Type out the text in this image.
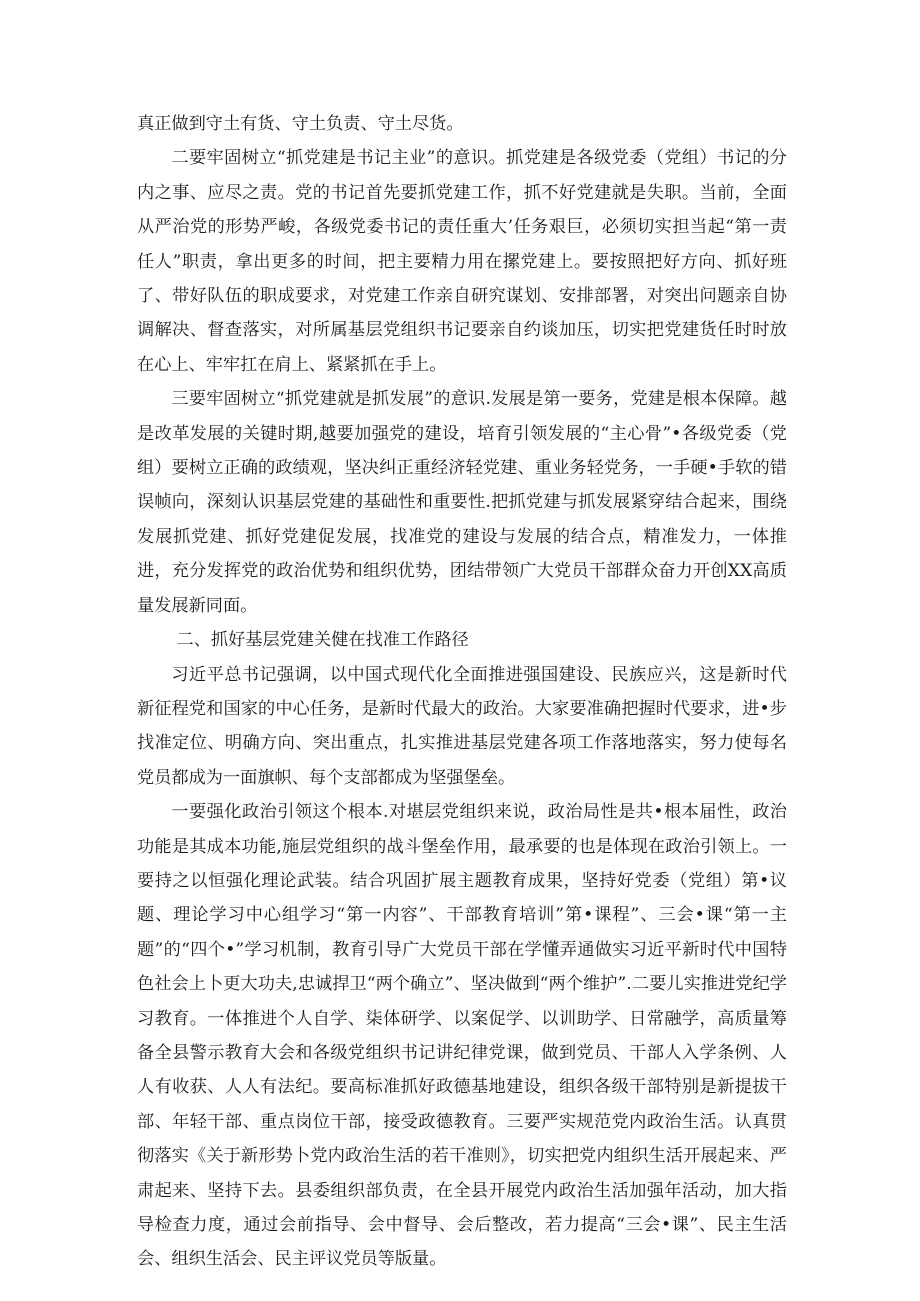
真正做到守土有货、守土负责、守土尽货。

二要牢固树立“抓党建是书记主业”的意识。抓党建是各级党委（党组）书记的分内之事、应尽之责。党的书记首先要抓党建工作，抓不好党建就是失职。当前，全面从严治党的形势严峻，各级党委书记的责任重大’任务艰巨，必须切实担当起“第一责任人”职责，拿出更多的时间，把主要精力用在摞党建上。要按照把好方向、抓好班了、带好队伍的职成要求，对党建工作亲自研究谋划、安排部署，对突出问题亲自协调解决、督查落实，对所属基层党组织书记要亲自约谈加压，切实把党建货任时时放在心上、牢牢扛在肩上、紧紧抓在手上。

三要牢固树立“抓党建就是抓发展”的意识.发展是第一要务，党建是根本保障。越是改革发展的关键时期,越要加强党的建设，培育引领发展的“主心骨”•各级党委（党组）要树立正确的政绩观，坚决纠正重经济轻党建、重业务轻党务，一手硬•手软的错误帧向，深刻认识基层党建的基础性和重要性.把抓党建与抓发展紧穿结合起来，围绕发展抓党建、抓好党建促发展，找准党的建设与发展的结合点，精准发力，一体推进，充分发挥党的政治优势和组织优势，团结带领广大党员干部群众奋力开创XX高质量发展新同面。

二、抓好基层党建关健在找准工作路径

习近平总书记强调，以中国式现代化全面推进强国建设、民族应兴，这是新时代新征程党和国家的中心任务，是新时代最大的政治。大家要准确把握时代要求，进•步找准定位、明确方向、突出重点，扎实推进基层党建各项工作落地落实，努力使每名党员都成为一面旗帜、每个支部都成为坚强堡垒。

一要强化政治引领这个根本.对堪层党组织来说，政治局性是共•根本届性，政治功能是其成本功能,施层党组织的战斗堡垒作用，最承要的也是体现在政治引领上。一要持之以恒强化理论武装。结合巩固扩展主题教育成果，坚持好党委（党组）第•议题、理论学习中心组学习“第一内容”、干部教育培训”第•课程”、三会•课“第一主题”的“四个•”学习机制，教育引导广大党员干部在学懂弄通做实习近平新时代中国特色社会上卜更大功夫,忠诚捍卫“两个确立”、坚决做到“两个维护”.二要儿实推进党纪学习教育。一体推进个人自学、柒体研学、以案促学、以训助学、日常融学，高质量筹备全县警示教育大会和各级党组织书记讲纪律党课，做到党员、干部人入学条例、人人有收获、人人有法纪。要高标准抓好政德基地建设，组织各级干部特别是新提拔干部、年轻干部、重点岗位干部，接受政德教育。三要严实规范党内政治生活。认真贯彻落实《关于新形势卜党内政治生活的若干准则》，切实把党内组织生活开展起来、严肃起来、坚持下去。县委组织部负责，在全县开展党内政治生活加强年活动，加大指导检查力度，通过会前指导、会中督导、会后整改，若力提高“三会•课”、民主生活会、组织生活会、民主评议党员等版量。
